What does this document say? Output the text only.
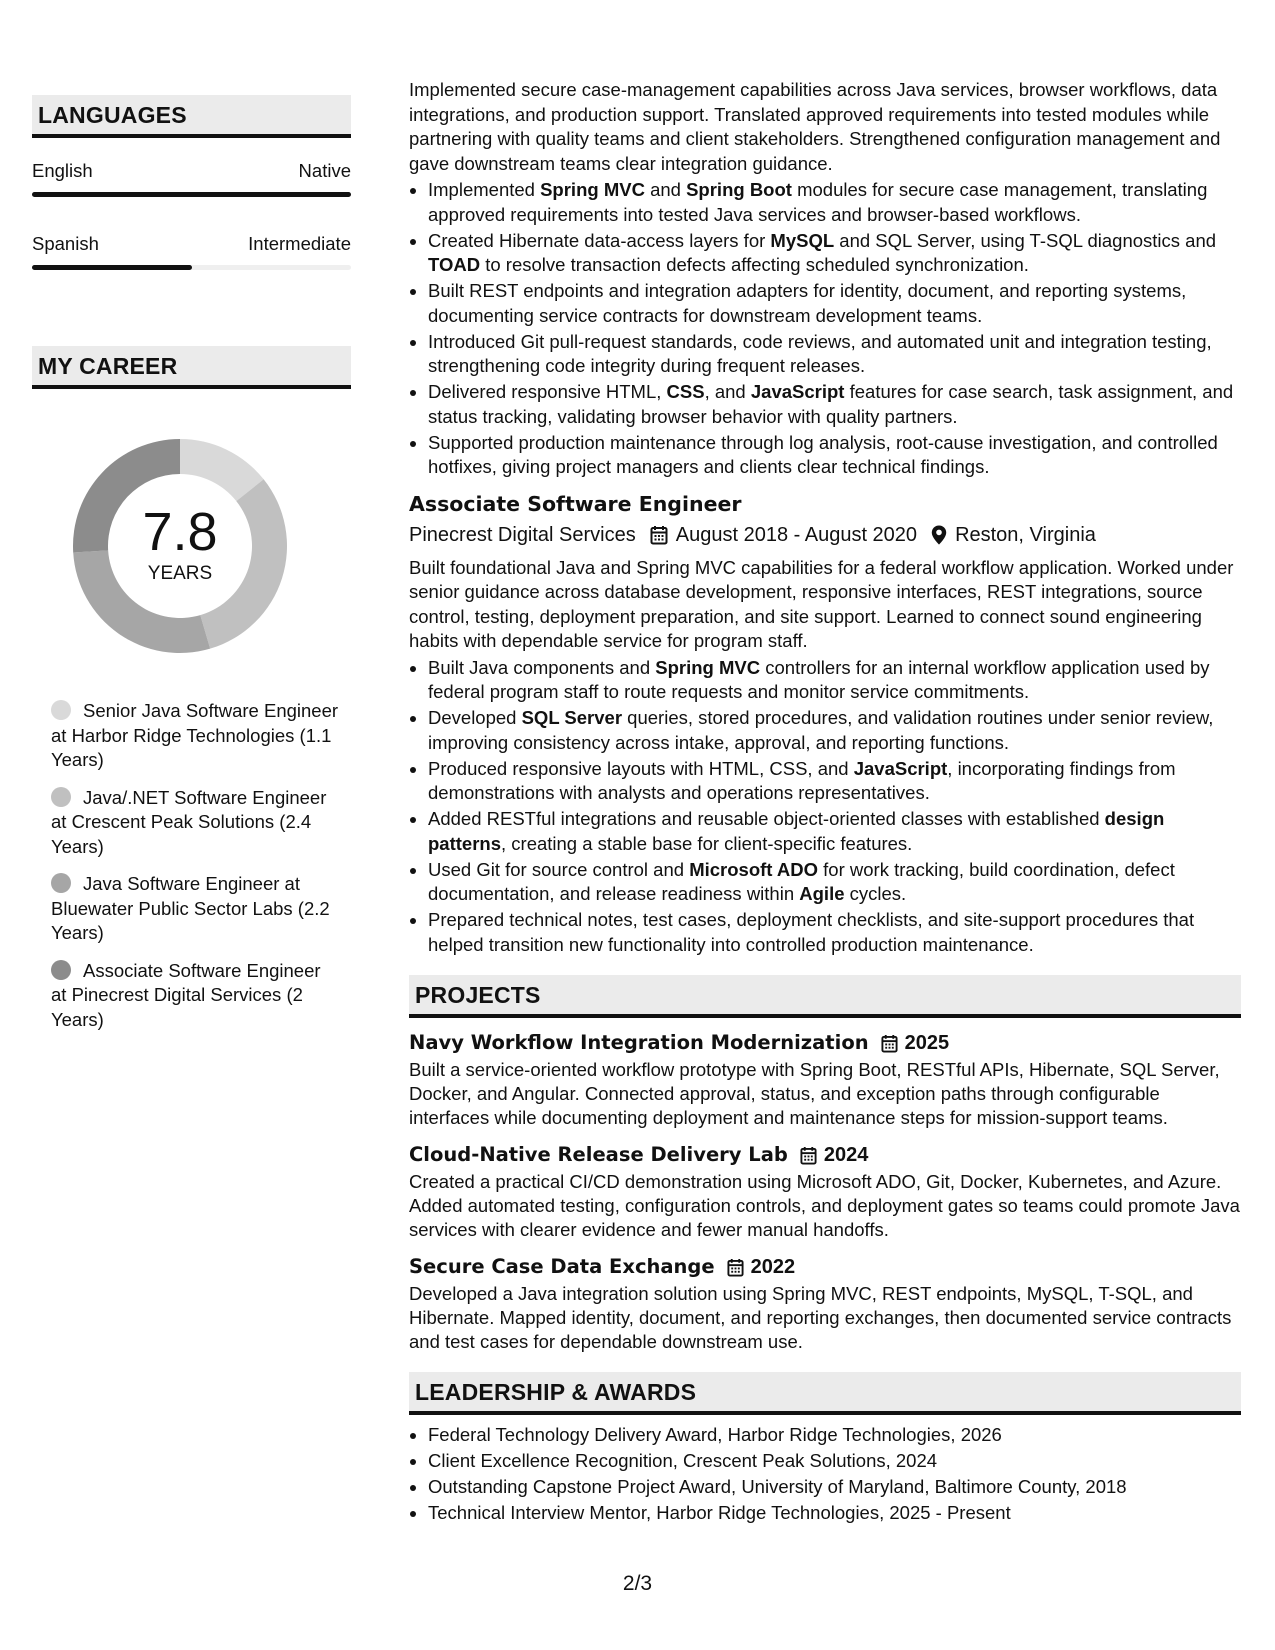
LANGUAGES
English	Native
Spanish	Intermediate
MY CAREER
7.8
YEARS
Senior Java Software Engineer at Harbor Ridge Technologies (1.1 Years)
Java/.NET Software Engineer at Crescent Peak Solutions (2.4 Years)
Java Software Engineer at Bluewater Public Sector Labs (2.2 Years)
Associate Software Engineer at Pinecrest Digital Services (2 Years)

Implemented secure case-management capabilities across Java services, browser workflows, data integrations, and production support. Translated approved requirements into tested modules while partnering with quality teams and client stakeholders. Strengthened configuration management and gave downstream teams clear integration guidance.

• Implemented Spring MVC and Spring Boot modules for secure case management, translating approved requirements into tested Java services and browser-based workflows.
• Created Hibernate data-access layers for MySQL and SQL Server, using T-SQL diagnostics and TOAD to resolve transaction defects affecting scheduled synchronization.
• Built REST endpoints and integration adapters for identity, document, and reporting systems, documenting service contracts for downstream development teams.
• Introduced Git pull-request standards, code reviews, and automated unit and integration testing, strengthening code integrity during frequent releases.
• Delivered responsive HTML, CSS, and JavaScript features for case search, task assignment, and status tracking, validating browser behavior with quality partners.
• Supported production maintenance through log analysis, root-cause investigation, and controlled hotfixes, giving project managers and clients clear technical findings.
Associate Software Engineer
Pinecrest Digital Services August 2018 - August 2020 Reston, Virginia

Built foundational Java and Spring MVC capabilities for a federal workflow application. Worked under senior guidance across database development, responsive interfaces, REST integrations, source control, testing, deployment preparation, and site support. Learned to connect sound engineering habits with dependable service for program staff.

• Built Java components and Spring MVC controllers for an internal workflow application used by federal program staff to route requests and monitor service commitments.
• Developed SQL Server queries, stored procedures, and validation routines under senior review, improving consistency across intake, approval, and reporting functions.
• Produced responsive layouts with HTML, CSS, and JavaScript, incorporating findings from demonstrations with analysts and operations representatives.
• Added RESTful integrations and reusable object-oriented classes with established design patterns, creating a stable base for client-specific features.
• Used Git for source control and Microsoft ADO for work tracking, build coordination, defect documentation, and release readiness within Agile cycles.
• Prepared technical notes, test cases, deployment checklists, and site-support procedures that helped transition new functionality into controlled production maintenance.
PROJECTS
Navy Workflow Integration Modernization 2025
Built a service-oriented workflow prototype with Spring Boot, RESTful APIs, Hibernate, SQL Server, Docker, and Angular. Connected approval, status, and exception paths through configurable interfaces while documenting deployment and maintenance steps for mission-support teams.
Cloud-Native Release Delivery Lab 2024
Created a practical CI/CD demonstration using Microsoft ADO, Git, Docker, Kubernetes, and Azure. Added automated testing, configuration controls, and deployment gates so teams could promote Java services with clearer evidence and fewer manual handoffs.
Secure Case Data Exchange 2022
Developed a Java integration solution using Spring MVC, REST endpoints, MySQL, T-SQL, and Hibernate. Mapped identity, document, and reporting exchanges, then documented service contracts and test cases for dependable downstream use.
LEADERSHIP & AWARDS
• Federal Technology Delivery Award, Harbor Ridge Technologies, 2026
• Client Excellence Recognition, Crescent Peak Solutions, 2024
• Outstanding Capstone Project Award, University of Maryland, Baltimore County, 2018
• Technical Interview Mentor, Harbor Ridge Technologies, 2025 - Present
2/3
